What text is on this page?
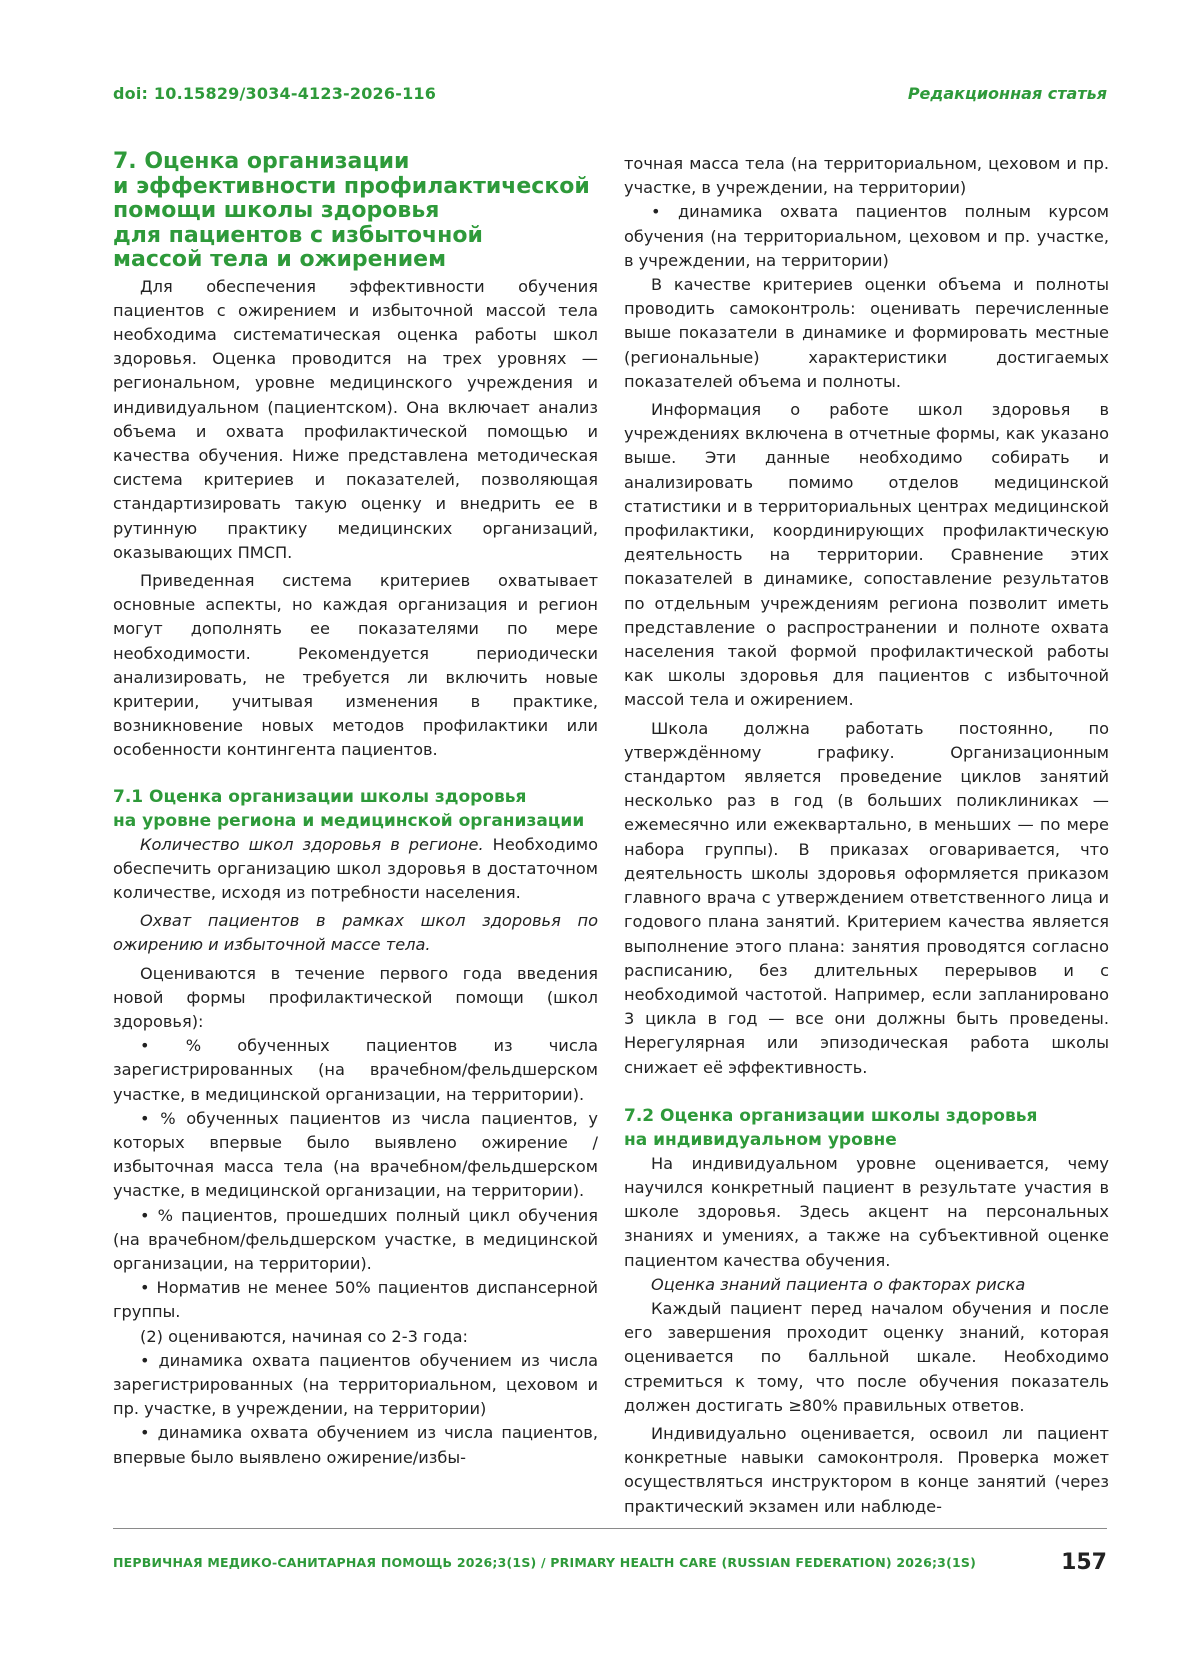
doi: 10.15829/3034-4123-2026-116	Редакционная статья
7. Оценка организации
и эффективности профилактической
помощи школы здоровья
для пациентов с избыточной
массой тела и ожирением

Для обеспечения эффективности обучения пациентов с ожирением и избыточной массой тела необходима систематическая оценка работы школ здоровья. Оценка проводится на трех уровнях — региональном, уровне медицинского учреждения и индивидуальном (пациентском). Она включает анализ объема и охвата профилактической помощью и качества обучения. Ниже представлена методическая система критериев и показателей, позволяющая стандартизировать такую оценку и внедрить ее в рутинную практику медицинских организаций, оказывающих ПМСП.

Приведенная система критериев охватывает основные аспекты, но каждая организация и регион могут дополнять ее показателями по мере необходимости. Рекомендуется периодически анализировать, не требуется ли включить новые критерии, учитывая изменения в практике, возникновение новых методов профилактики или особенности контингента пациентов.

7.1 Оценка организации школы здоровья
на уровне региона и медицинской организации

Количество школ здоровья в регионе. Необходимо обеспечить организацию школ здоровья в достаточном количестве, исходя из потребности населения.

Охват пациентов в рамках школ здоровья по ожирению и избыточной массе тела.

Оцениваются в течение первого года введения новой формы профилактической помощи (школ здоровья):

• % обученных пациентов из числа зарегистрированных (на врачебном/фельдшерском участке, в медицинской организации, на территории).

• % обученных пациентов из числа пациентов, у которых впервые было выявлено ожирение / избыточная масса тела (на врачебном/фельдшерском участке, в медицинской организации, на территории).

• % пациентов, прошедших полный цикл обучения (на врачебном/фельдшерском участке, в медицинской организации, на территории).

• Норматив не менее 50% пациентов диспансерной группы.

(2) оцениваются, начиная со 2-3 года:

• динамика охвата пациентов обучением из числа зарегистрированных (на территориальном, цеховом и пр. участке, в учреждении, на территории)

• динамика охвата обучением из числа пациентов, впервые было выявлено ожирение/избы-

точная масса тела (на территориальном, цеховом и пр. участке, в учреждении, на территории)

• динамика охвата пациентов полным курсом обучения (на территориальном, цеховом и пр. участке, в учреждении, на территории)

В качестве критериев оценки объема и полноты проводить самоконтроль: оценивать перечисленные выше показатели в динамике и формировать местные (региональные) характеристики достигаемых показателей объема и полноты.

Информация о работе школ здоровья в учреждениях включена в отчетные формы, как указано выше. Эти данные необходимо собирать и анализировать помимо отделов медицинской статистики и в территориальных центрах медицинской профилактики, координирующих профилактическую деятельность на территории. Сравнение этих показателей в динамике, сопоставление результатов по отдельным учреждениям региона позволит иметь представление о распространении и полноте охвата населения такой формой профилактической работы как школы здоровья для пациентов с избыточной массой тела и ожирением.

Школа должна работать постоянно, по утверждённому графику. Организационным стандартом является проведение циклов занятий несколько раз в год (в больших поликлиниках — ежемесячно или ежеквартально, в меньших — по мере набора группы). В приказах оговаривается, что деятельность школы здоровья оформляется приказом главного врача с утверждением ответственного лица и годового плана занятий. Критерием качества является выполнение этого плана: занятия проводятся согласно расписанию, без длительных перерывов и с необходимой частотой. Например, если запланировано 3 цикла в год — все они должны быть проведены. Нерегулярная или эпизодическая работа школы снижает её эффективность.

7.2 Оценка организации школы здоровья
на индивидуальном уровне

На индивидуальном уровне оценивается, чему научился конкретный пациент в результате участия в школе здоровья. Здесь акцент на персональных знаниях и умениях, а также на субъективной оценке пациентом качества обучения.

Оценка знаний пациента о факторах риска

Каждый пациент перед началом обучения и после его завершения проходит оценку знаний, которая оценивается по балльной шкале. Необходимо стремиться к тому, что после обучения показатель должен достигать ≥80% правильных ответов.

Индивидуально оценивается, освоил ли пациент конкретные навыки самоконтроля. Проверка может осуществляться инструктором в конце занятий (через практический экзамен или наблюде-

ПЕРВИЧНАЯ МЕДИКО-САНИТАРНАЯ ПОМОЩЬ 2026;3(1S) / PRIMARY HEALTH CARE (RUSSIAN FEDERATION) 2026;3(1S)	157
